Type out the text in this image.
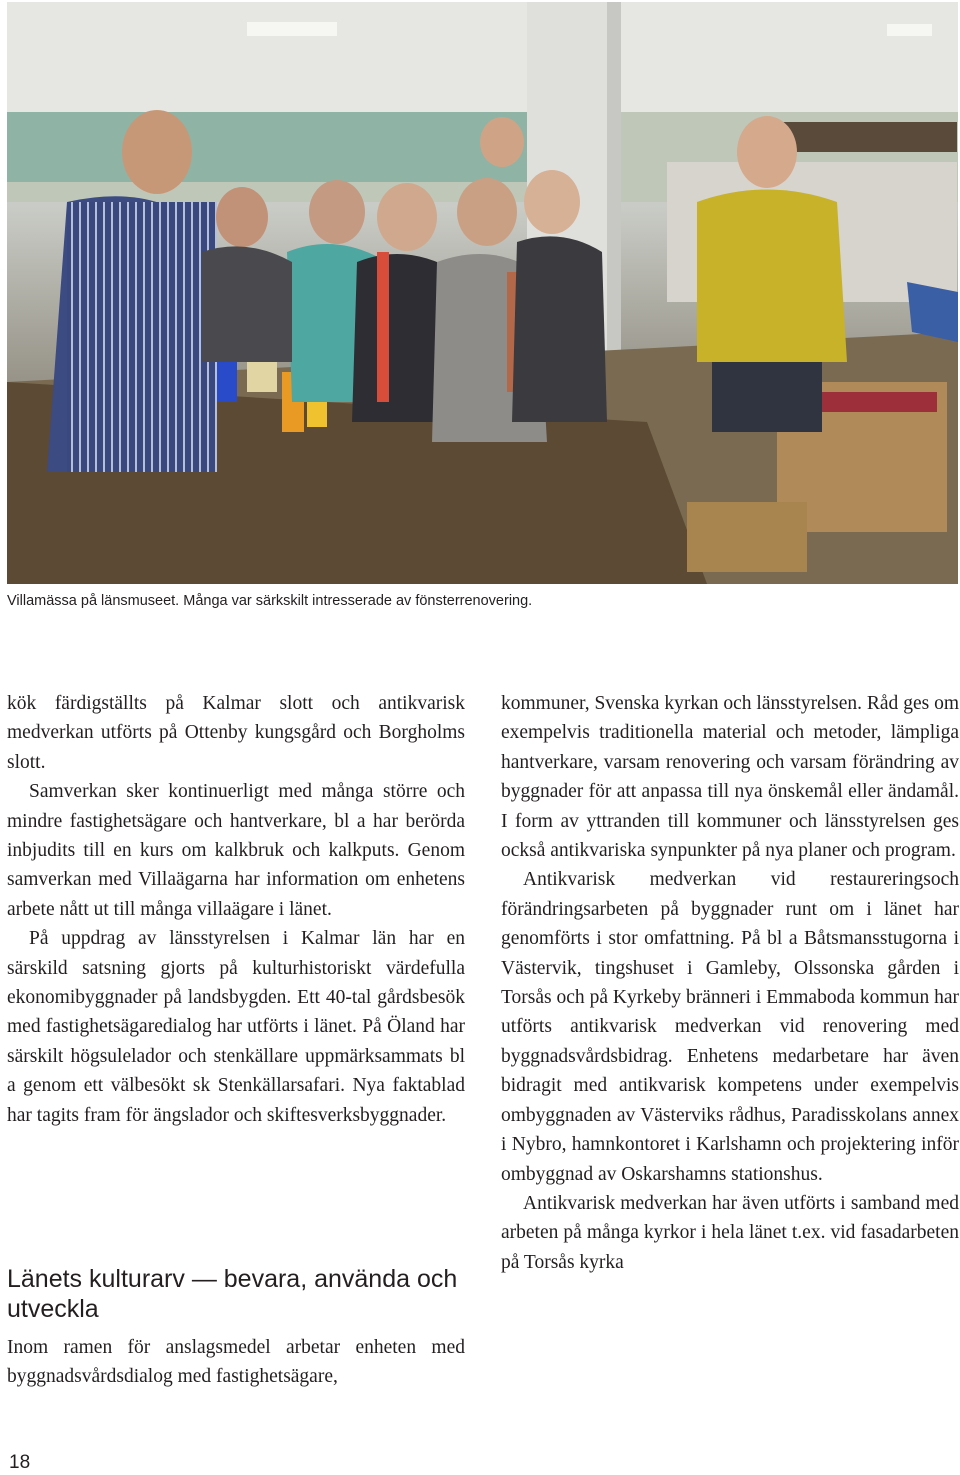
Villamässa på länsmuseet. Många var särkskilt intresserade av fönsterrenovering.

kök färdigställts på Kalmar slott och antikvarisk medverkan utförts på Ottenby kungsgård och Borgholms slott.

Samverkan sker kontinuerligt med många större och mindre fastighetsägare och hantverkare, bl a har berörda inbjudits till en kurs om kalkbruk och kalkputs. Genom samverkan med Villaägarna har information om enhetens arbete nått ut till många villaägare i länet.

På uppdrag av länsstyrelsen i Kalmar län har en särskild satsning gjorts på kulturhistoriskt värdefulla ekonomibyggnader på landsbygden. Ett 40-tal gårdsbesök med fastighetsägaredialog har utförts i länet. På Öland har särskilt högsulelador och stenkällare uppmärksammats bl a genom ett välbesökt sk Stenkällarsafari. Nya faktablad har tagits fram för ängslador och skiftesverksbyggnader.

Länets kulturarv — bevara, använda och utveckla

Inom ramen för anslagsmedel arbetar enheten med byggnadsvårdsdialog med fastighetsägare,

kommuner, Svenska kyrkan och länsstyrelsen. Råd ges om exempelvis traditionella material och metoder, lämpliga hantverkare, varsam renovering och varsam förändring av byggnader för att anpassa till nya önskemål eller ändamål. I form av yttranden till kommuner och länsstyrelsen ges också antikvariska synpunkter på nya planer och program.

Antikvarisk medverkan vid restaureringsoch förändringsarbeten på byggnader runt om i länet har genomförts i stor omfattning. På bl a Båtsmansstugorna i Västervik, tingshuset i Gamleby, Olssonska gården i Torsås och på Kyrkeby bränneri i Emmaboda kommun har utförts antikvarisk medverkan vid renovering med byggnadsvårdsbidrag. Enhetens medarbetare har även bidragit med antikvarisk kompetens under exempelvis ombyggnaden av Västerviks rådhus, Paradisskolans annex i Nybro, hamnkontoret i Karlshamn och projektering inför ombyggnad av Oskarshamns stationshus.

Antikvarisk medverkan har även utförts i samband med arbeten på många kyrkor i hela länet t.ex. vid fasadarbeten på Torsås kyrka

18
